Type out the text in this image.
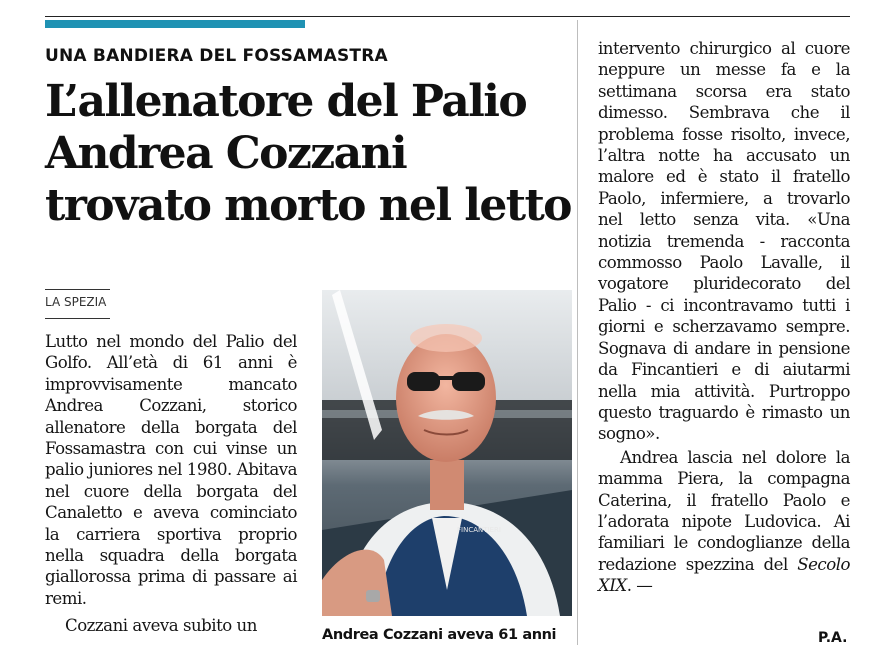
UNA BANDIERA DEL FOSSAMASTRA
L’allenatore del Palio
Andrea Cozzani
trovato morto nel letto
LA SPEZIA

Lutto nel mondo del Palio del Golfo. All’età di 61 anni è improvvisamente mancato Andrea Cozzani, storico allenatore della borgata del Fossamastra con cui vinse un palio juniores nel 1980. Abitava nel cuore della borgata del Canaletto e aveva cominciato la carriera sportiva proprio nella squadra della borgata giallorossa prima di passare ai remi.

Cozzani aveva subito un

FINCANTIERI
Andrea Cozzani aveva 61 anni

intervento chirurgico al cuore neppure un messe fa e la settimana scorsa era stato dimesso. Sembrava che il problema fosse risolto, invece, l’altra notte ha accusato un malore ed è stato il fratello Paolo, infermiere, a trovarlo nel letto senza vita. «Una notizia tremenda - racconta commosso Paolo Lavalle, il vogatore pluridecorato del Palio - ci incontravamo tutti i giorni e scherzavamo sempre. Sognava di andare in pensione da Fincantieri e di aiutarmi nella mia attività. Purtroppo questo traguardo è rimasto un sogno».

Andrea lascia nel dolore la mamma Piera, la compagna Caterina, il fratello Paolo e l’adorata nipote Ludovica. Ai familiari le condoglianze della redazione spezzina del Secolo XIX. —

P.A.
